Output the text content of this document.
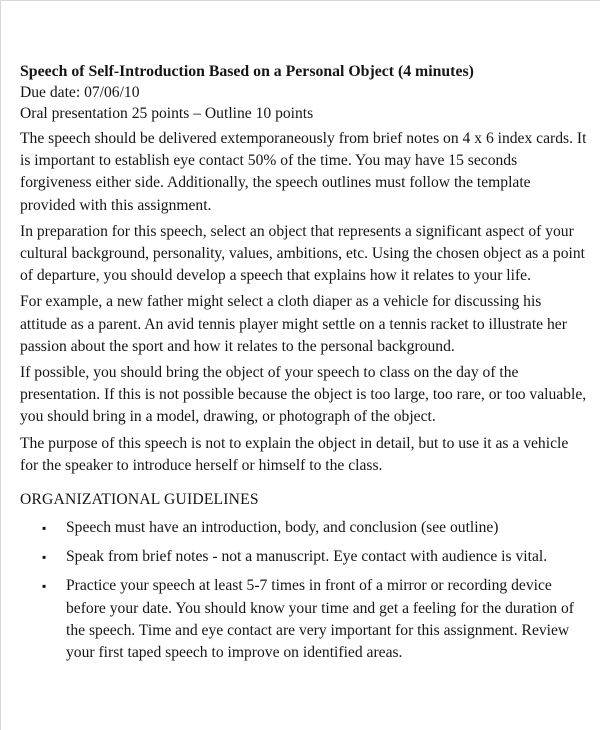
Speech of Self-Introduction Based on a Personal Object (4 minutes)

Due date: 07/06/10

Oral presentation 25 points – Outline 10 points

The speech should be delivered extemporaneously from brief notes on 4 x 6 index cards. It is important to establish eye contact 50% of the time. You may have 15 seconds forgiveness either side. Additionally, the speech outlines must follow the template provided with this assignment.

In preparation for this speech, select an object that represents a significant aspect of your cultural background, personality, values, ambitions, etc. Using the chosen object as a point of departure, you should develop a speech that explains how it relates to your life.

For example, a new father might select a cloth diaper as a vehicle for discussing his attitude as a parent. An avid tennis player might settle on a tennis racket to illustrate her passion about the sport and how it relates to the personal background.

If possible, you should bring the object of your speech to class on the day of the presentation. If this is not possible because the object is too large, too rare, or too valuable, you should bring in a model, drawing, or photograph of the object.

The purpose of this speech is not to explain the object in detail, but to use it as a vehicle for the speaker to introduce herself or himself to the class.

ORGANIZATIONAL GUIDELINES

▪ Speech must have an introduction, body, and conclusion (see outline)
▪ Speak from brief notes - not a manuscript. Eye contact with audience is vital.
▪ Practice your speech at least 5-7 times in front of a mirror or recording device before your date. You should know your time and get a feeling for the duration of the speech. Time and eye contact are very important for this assignment. Review your first taped speech to improve on identified areas.
